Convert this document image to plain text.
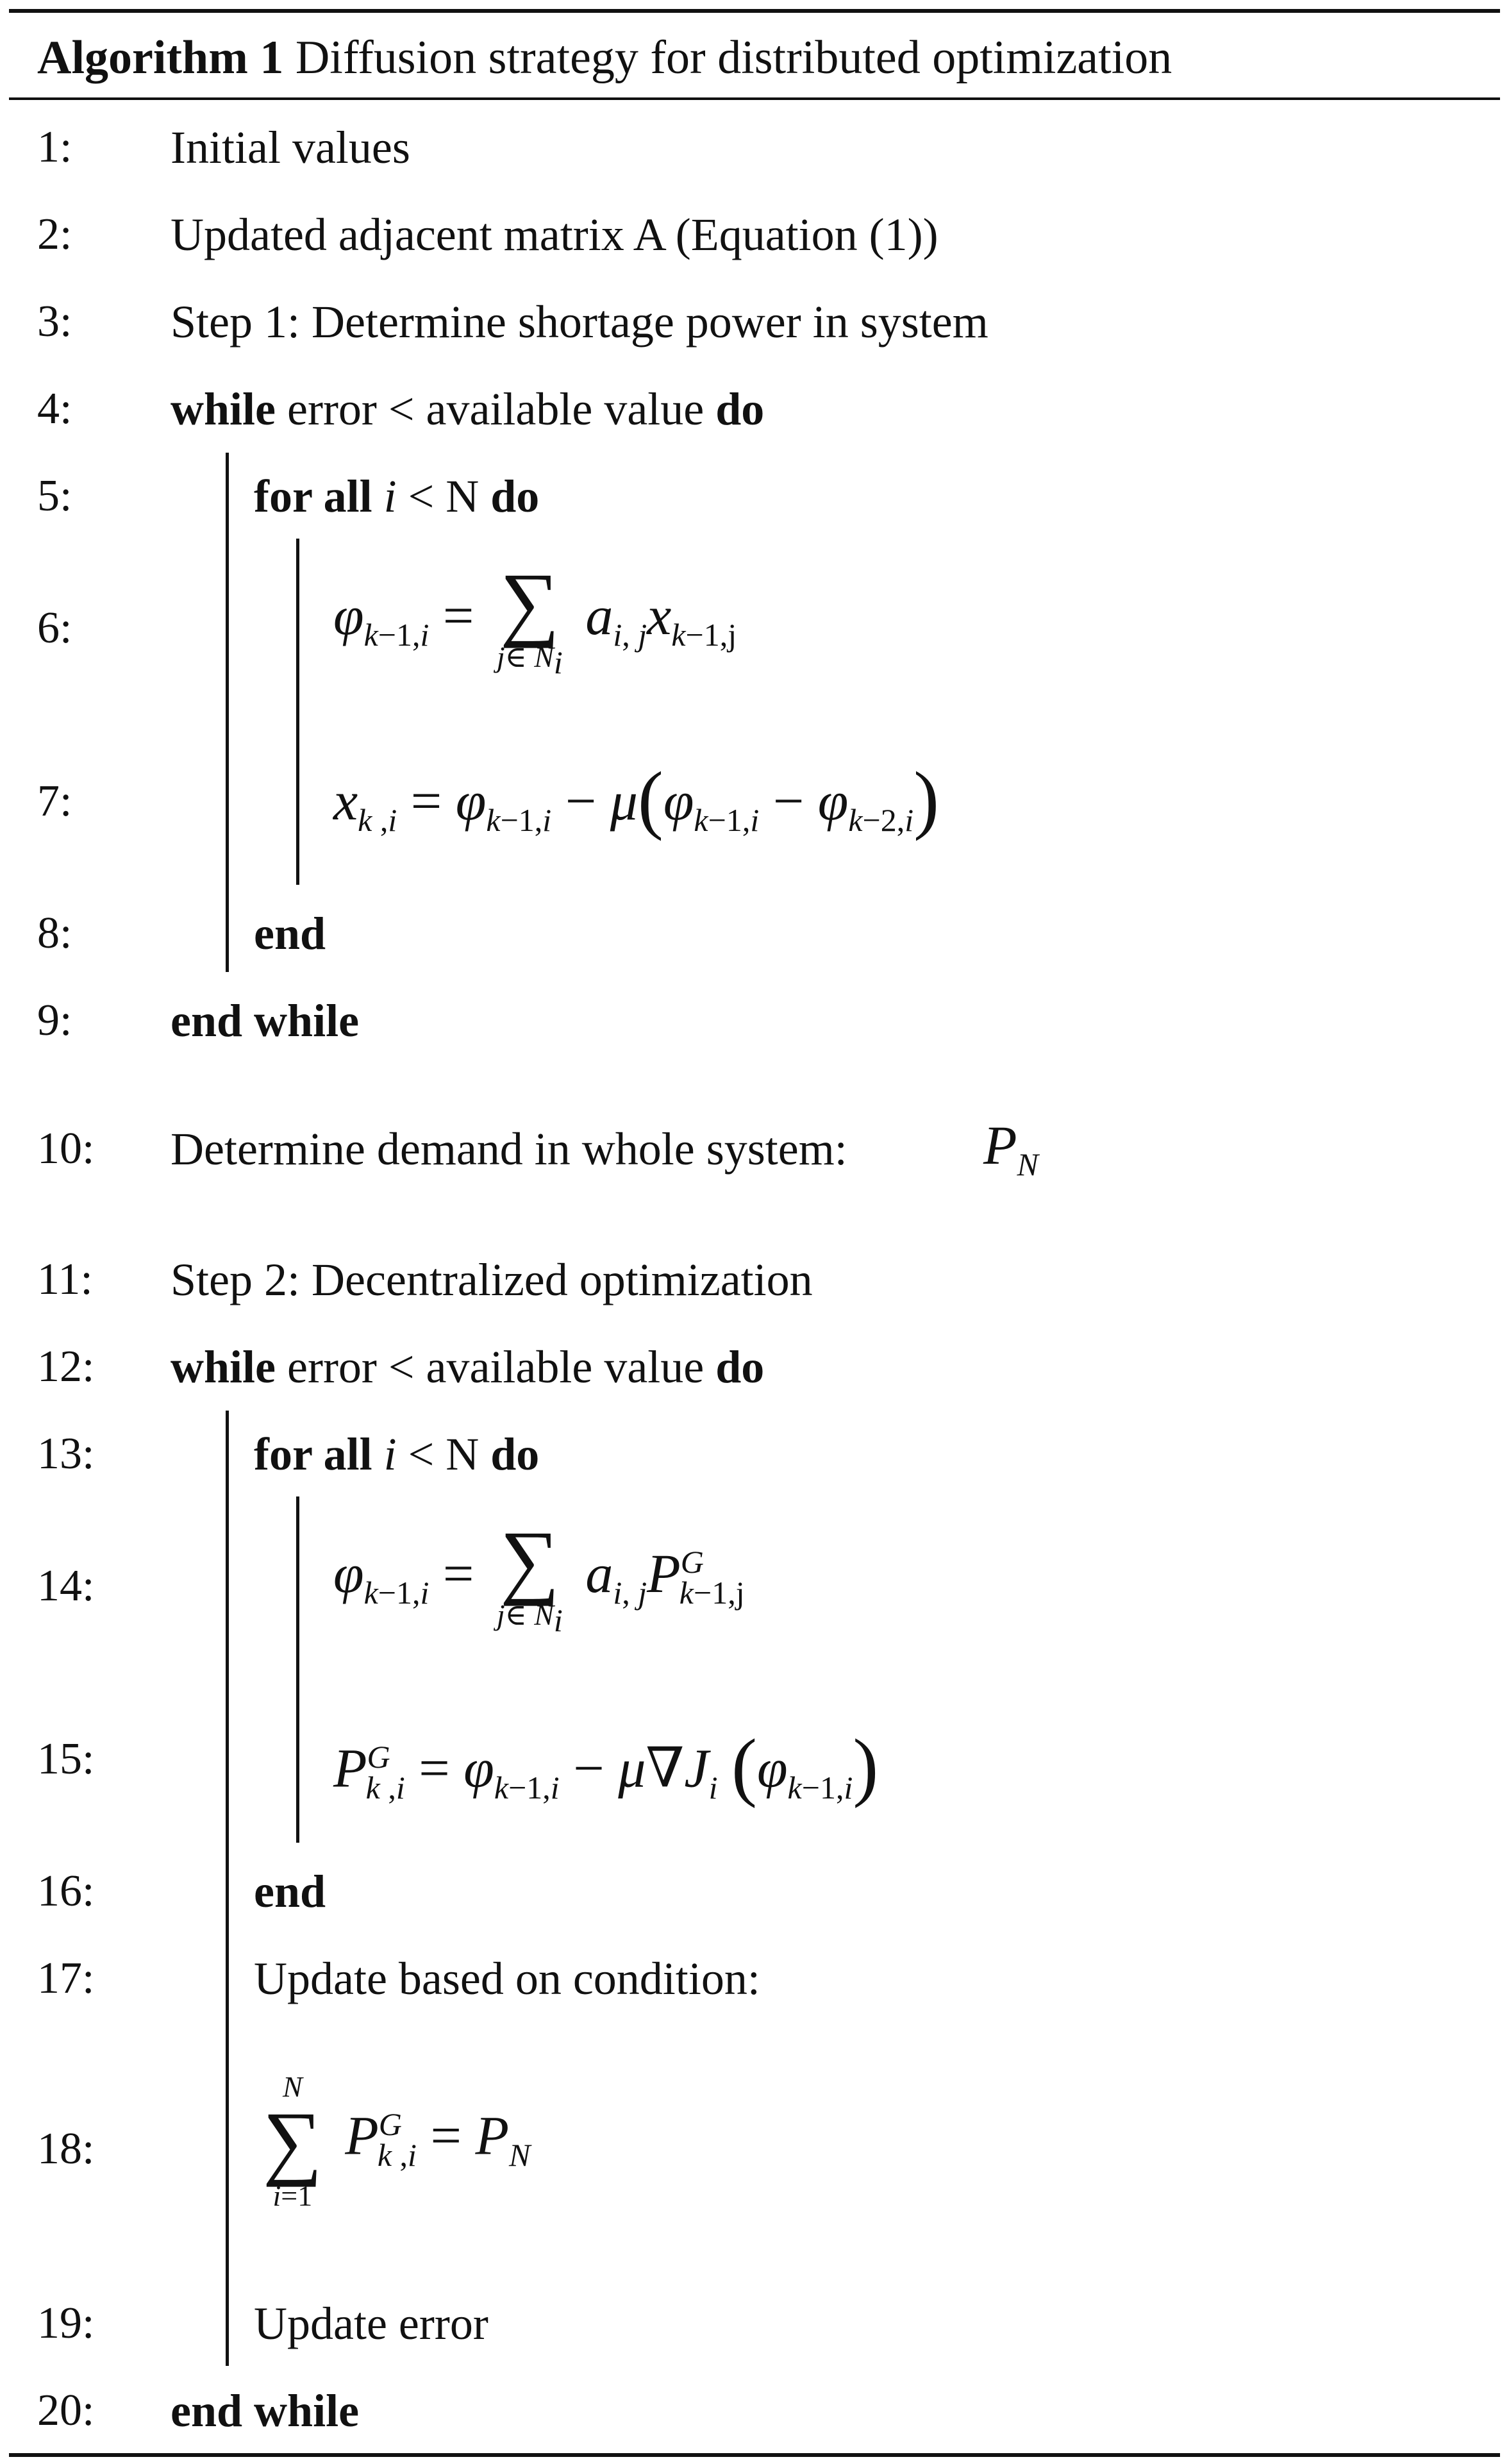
Algorithm 1 Diffusion strategy for distributed optimization
1:
2:
3:
4:
5:
6:
7:
8:
9:
10:
11:
12:
13:
14:
15:
16:
17:
18:
19:
20:
Initial values
Updated adjacent matrix A (Equation (1))
Step 1: Determine shortage power in system
while error < available value do
for all i < N do
$\varphi_{k-1,i}$ = ∑
j∈ $N_i$
$a_{i, j}x_{k-1,j}$
$x_{k ,i} = \varphi_{k-1,i} - \mu(\varphi_{k-1,i} - \varphi_{k-2,i})$
end
end while
Determine demand in whole system: $P_N$
Step 2: Decentralized optimization
while error < available value do
for all i < N do
$\varphi_{k-1,i}$ = ∑
j∈ $N_i$
$a_{i, j}P^G_{k-1,j}$
$P^G_{k ,i} = \varphi_{k-1,i} - \mu\nabla J_i$ $(\varphi_{k-1,i})$
end
Update based on condition:
N
∑
i=1
$P^G_{k ,i} = P_N$
Update error
end while
